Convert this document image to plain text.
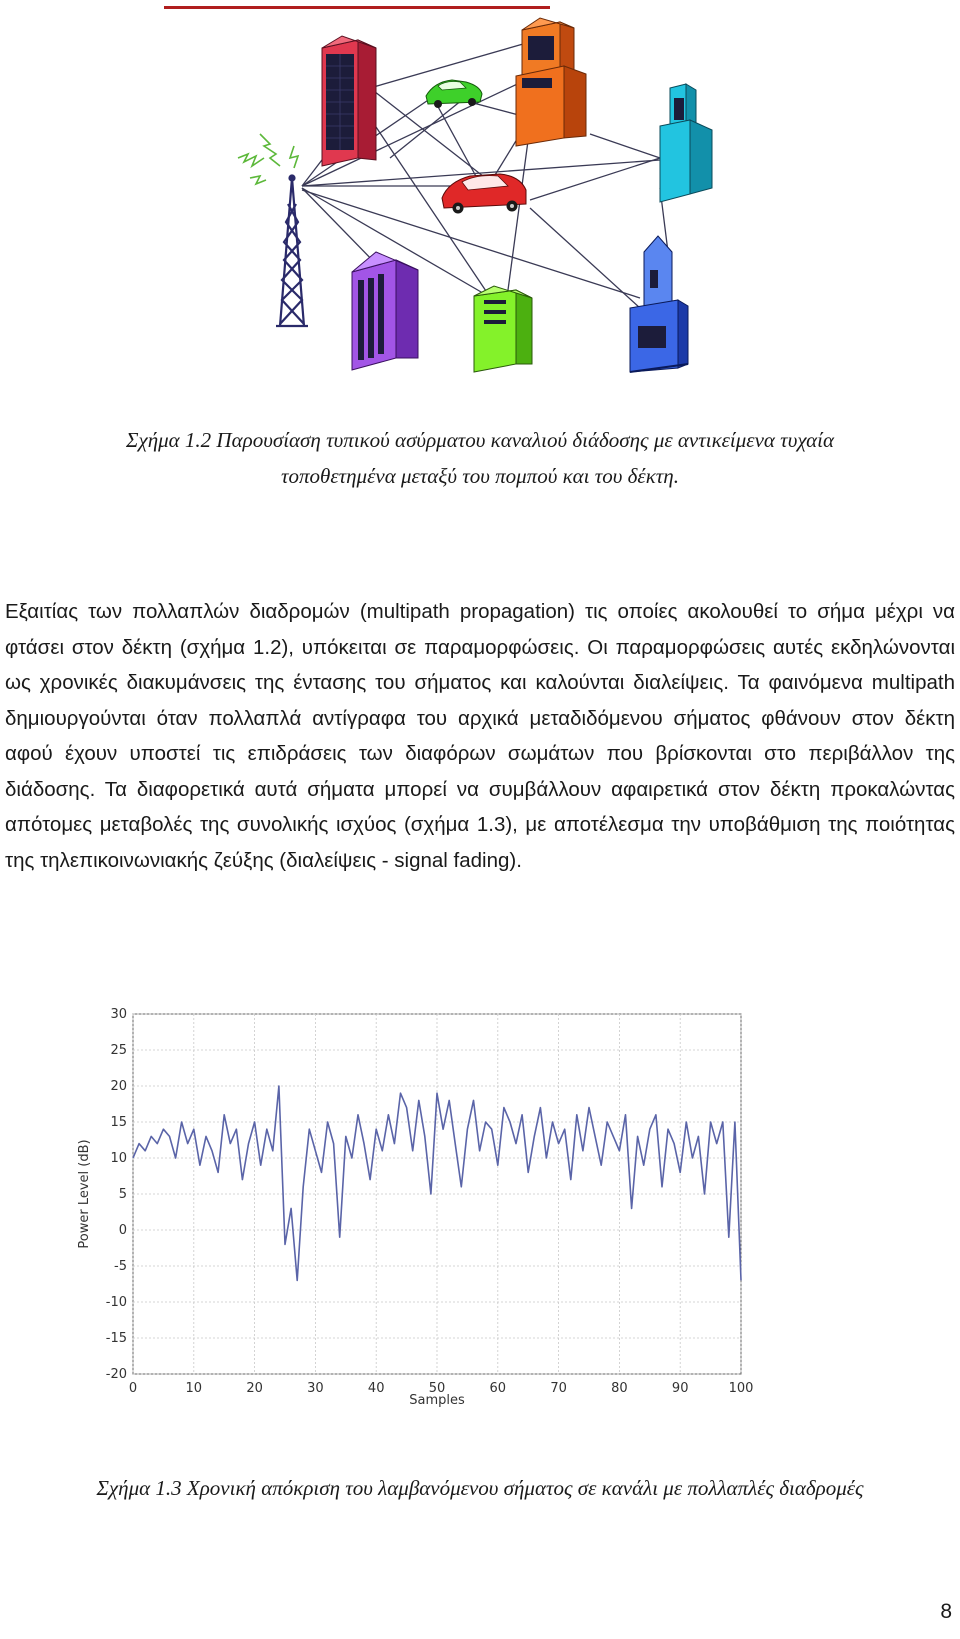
Σχήμα 1.2 Παρουσίαση τυπικού ασύρματου καναλιού διάδοσης με αντικείμενα τυχαία
τοποθετημένα μεταξύ του πομπού και του δέκτη.

Εξαιτίας των πολλαπλών διαδρομών (multipath propagation) τις οποίες ακολουθεί το σήμα μέχρι να φτάσει στον δέκτη (σχήμα 1.2), υπόκειται σε παραμορφώσεις. Οι παραμορφώσεις αυτές εκδηλώνονται ως χρονικές διακυμάνσεις της έντασης του σήματος και καλούνται διαλείψεις. Τα φαινόμενα multipath δημιουργούνται όταν πολλαπλά αντίγραφα του αρχικά μεταδιδόμενου σήματος φθάνουν στον δέκτη αφού έχουν υποστεί τις επιδράσεις των διαφόρων σωμάτων που βρίσκονται στο περιβάλλον της διάδοσης. Τα διαφορετικά αυτά σήματα μπορεί να συμβάλλουν αφαιρετικά στον δέκτη προκαλώντας απότομες μεταβολές της συνολικής ισχύος (σχήμα 1.3), με αποτέλεσμα την υποβάθμιση της ποιότητας της τηλεπικοινωνιακής ζεύξης (διαλείψεις - signal fading).

30
25
20
15
10
5
0
-5
-10
-15
-20
0	10	20	30	40	50	60	70	80	90	100
Power Level (dB)
Samples
Σχήμα 1.3 Χρονική απόκριση του λαμβανόμενου σήματος σε κανάλι με πολλαπλές διαδρομές
8
